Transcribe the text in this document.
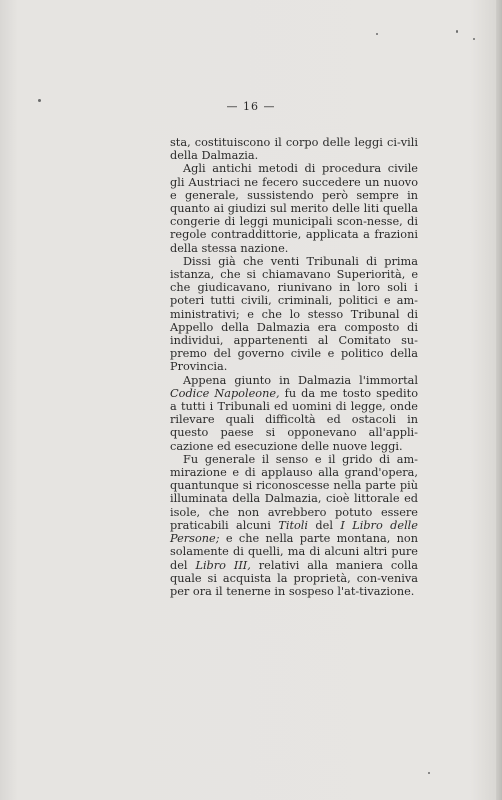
— 16 —

sta, costituiscono il corpo delle leggi ci-vili della Dalmazia.

Agli antichi metodi di procedura civile gli Austriaci ne fecero succedere un nuovo e generale, sussistendo però sempre in quanto ai giudizi sul merito delle liti quella congerie di leggi municipali scon-nesse, di regole contraddittorie, applicata a frazioni della stessa nazione.

Dissi già che venti Tribunali di prima istanza, che si chiamavano Superiorità, e che giudicavano, riunivano in loro soli i poteri tutti civili, criminali, politici e am-ministrativi; e che lo stesso Tribunal di Appello della Dalmazia era composto di individui, appartenenti al Comitato su-premo del governo civile e politico della Provincia.

Appena giunto in Dalmazia l'immortal Codice Napoleone, fu da me tosto spedito a tutti i Tribunali ed uomini di legge, onde rilevare quali difficoltà ed ostacoli in questo paese si opponevano all'appli-cazione ed esecuzione delle nuove leggi.

Fu generale il senso e il grido di am-mirazione e di applauso alla grand'opera, quantunque si riconoscesse nella parte più illuminata della Dalmazia, cioè littorale ed isole, che non avrebbero potuto essere praticabili alcuni Titoli del I Libro delle Persone; e che nella parte montana, non solamente di quelli, ma di alcuni altri pure del Libro III, relativi alla maniera colla quale si acquista la proprietà, con-veniva per ora il tenerne in sospeso l'at-tivazione.
